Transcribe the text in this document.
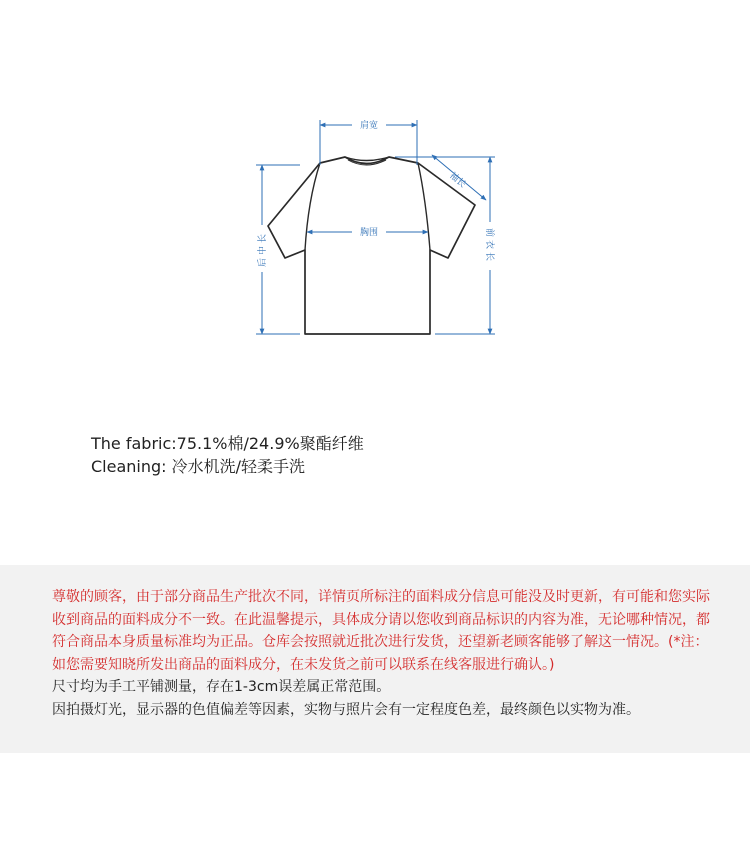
肩宽
胸围
袖长
后中长	前衣长
The fabric:75.1%棉/24.9%聚酯纤维
Cleaning: 冷水机洗/轻柔手洗
尊敬的顾客，由于部分商品生产批次不同，详情页所标注的面料成分信息可能没及时更新，有可能和您实际收到商品的面料成分不一致。在此温馨提示，具体成分请以您收到商品标识的内容为准，无论哪种情况，都符合商品本身质量标准均为正品。仓库会按照就近批次进行发货，还望新老顾客能够了解这一情况。(*注：如您需要知晓所发出商品的面料成分，在未发货之前可以联系在线客服进行确认。)
尺寸均为手工平铺测量，存在1-3cm误差属正常范围。
因拍摄灯光，显示器的色值偏差等因素，实物与照片会有一定程度色差，最终颜色以实物为准。
